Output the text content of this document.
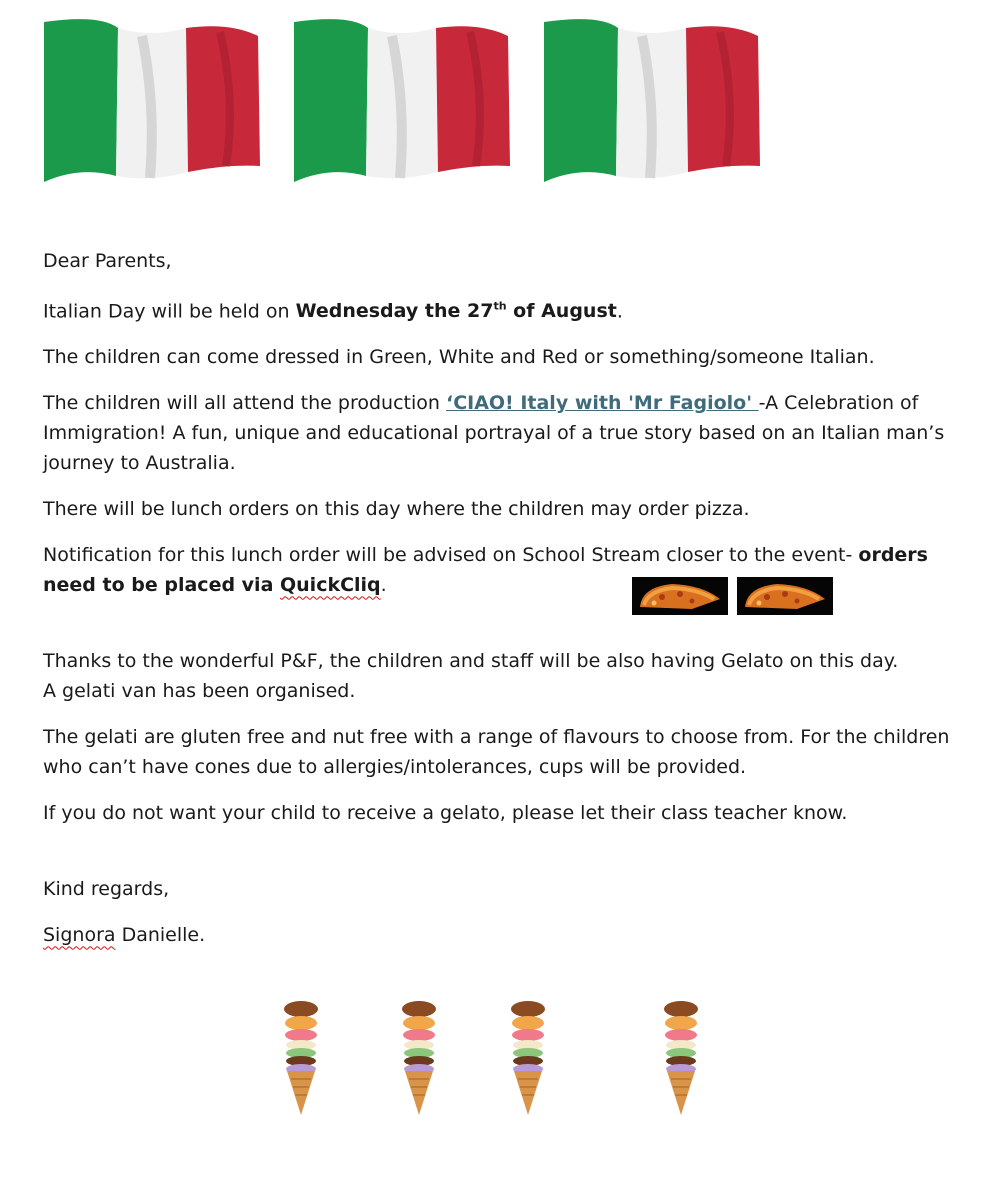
Dear Parents,

Italian Day will be held on Wednesday the 27th of August.

The children can come dressed in Green, White and Red or something/someone Italian.

The children will all attend the production ‘CIAO! Italy with 'Mr Fagiolo' -A Celebration of Immigration! A fun, unique and educational portrayal of a true story based on an Italian man’s journey to Australia.

There will be lunch orders on this day where the children may order pizza.

Notification for this lunch order will be advised on School Stream closer to the event- orders need to be placed via QuickCliq.

Thanks to the wonderful P&F, the children and staff will be also having Gelato on this day.
A gelati van has been organised.

The gelati are gluten free and nut free with a range of flavours to choose from. For the children who can’t have cones due to allergies/intolerances, cups will be provided.

If you do not want your child to receive a gelato, please let their class teacher know.

Kind regards,

Signora Danielle.
